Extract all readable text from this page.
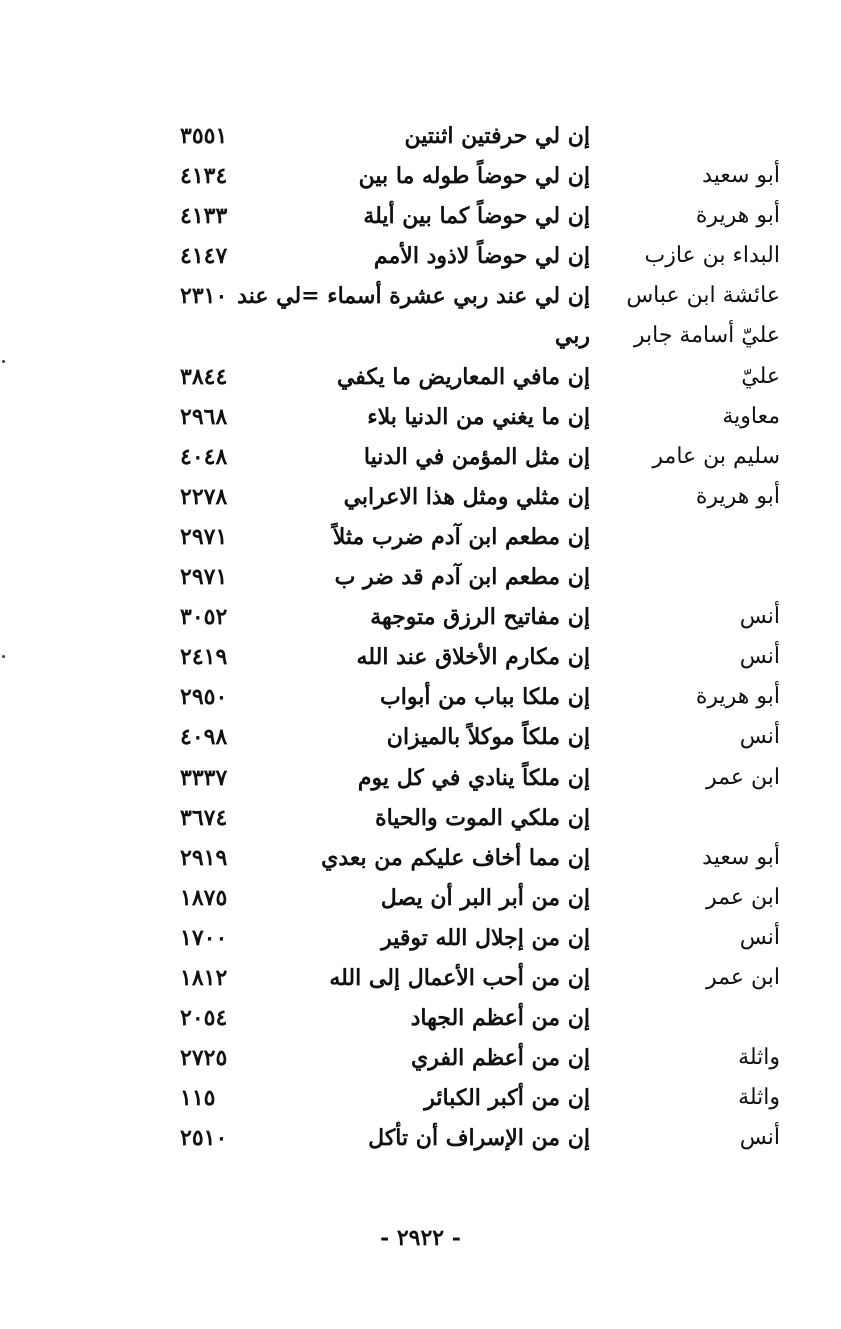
إن لي حرفتين اثنتين
٣٥٥١
أبو سعيد
إن لي حوضاً طوله ما بين
٤١٣٤
أبو هريرة
إن لي حوضاً كما بين أيلة
٤١٣٣
البداء بن عازب
إن لي حوضاً لاذود الأمم
٤١٤٧
عائشة ابن عباس
إن لي عند ربي عشرة أسماء =لي عند
٢٣١٠
عليّ أسامة جابر
ربي
عليّ
إن مافي المعاريض ما يكفي
٣٨٤٤
معاوية
إن ما يغني من الدنيا بلاء
٢٩٦٨
سليم بن عامر
إن مثل المؤمن في الدنيا
٤٠٤٨
أبو هريرة
إن مثلي ومثل هذا الاعرابي
٢٢٧٨
إن مطعم ابن آدم ضرب مثلاً
٢٩٧١
إن مطعم ابن آدم قد ضر ب
٢٩٧١
أنس
إن مفاتيح الرزق متوجهة
٣٠٥٢
أنس
إن مكارم الأخلاق عند الله
٢٤١٩
أبو هريرة
إن ملكا بباب من أبواب
٢٩٥٠
أنس
إن ملكاً موكلاً بالميزان
٤٠٩٨
ابن عمر
إن ملكاً ينادي في كل يوم
٣٣٣٧
إن ملكي الموت والحياة
٣٦٧٤
أبو سعيد
إن مما أخاف عليكم من بعدي
٢٩١٩
ابن عمر
إن من أبر البر أن يصل
١٨٧٥
أنس
إن من إجلال الله توقير
١٧٠٠
ابن عمر
إن من أحب الأعمال إلى الله
١٨١٢
إن من أعظم الجهاد
٢٠٥٤
واثلة
إن من أعظم الفري
٢٧٢٥
واثلة
إن من أكبر الكبائر
١١٥
أنس
إن من الإسراف أن تأكل
٢٥١٠
- ٢٩٢٢ -
